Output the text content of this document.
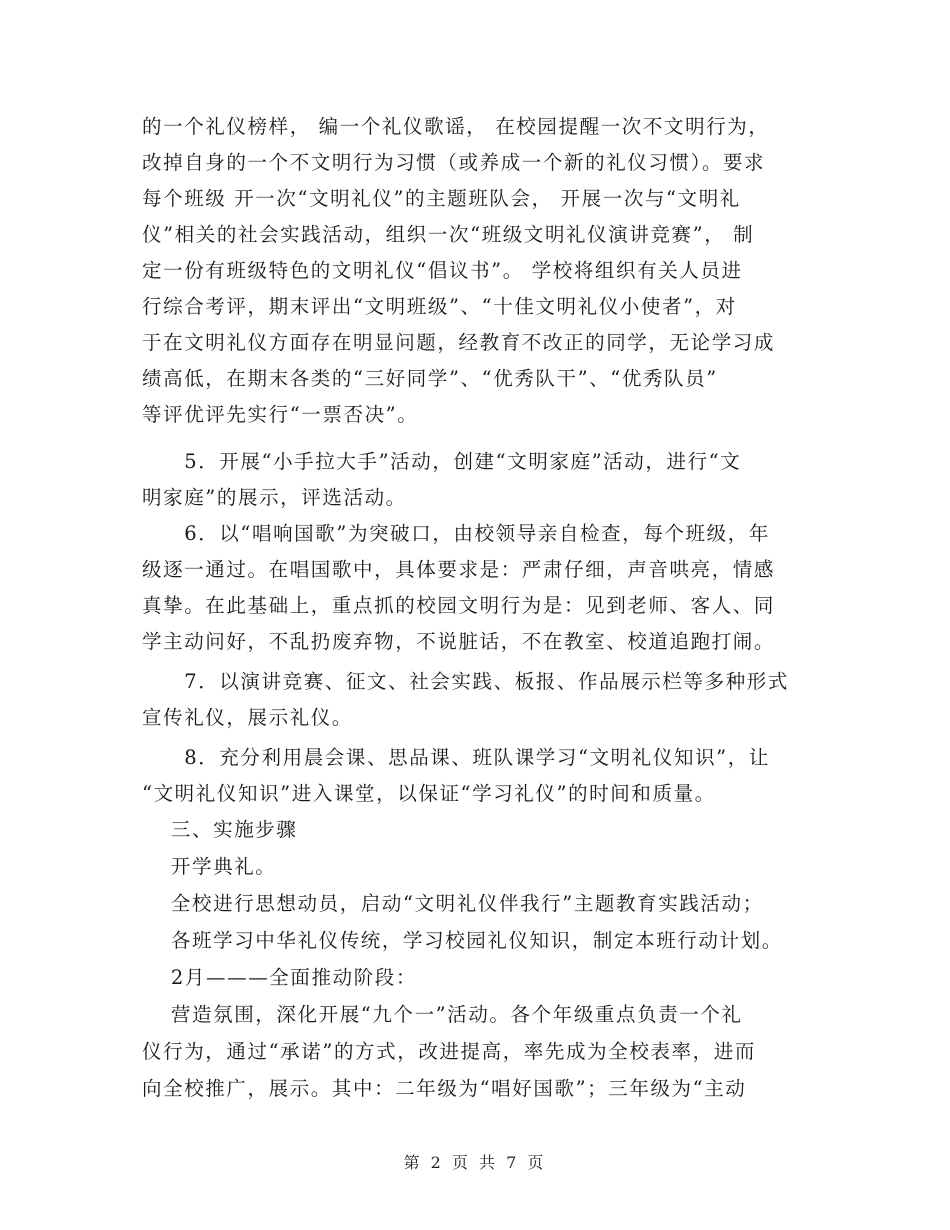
的一个礼仪榜样， 编一个礼仪歌谣， 在校园提醒一次不文明行为，
改掉自身的一个不文明行为习惯（或养成一个新的礼仪习惯）。要求
每个班级 开一次“文明礼仪”的主题班队会， 开展一次与“文明礼
仪”相关的社会实践活动，组织一次“班级文明礼仪演讲竞赛”， 制
定一份有班级特色的文明礼仪“倡议书”。 学校将组织有关人员进
行综合考评，期末评出“文明班级”、“十佳文明礼仪小使者”，对
于在文明礼仪方面存在明显问题，经教育不改正的同学，无论学习成
绩高低，在期末各类的“三好同学”、“优秀队干”、“优秀队员”
等评优评先实行“一票否决”。
　　5．开展“小手拉大手”活动，创建“文明家庭”活动，进行“文
明家庭”的展示，评选活动。
　　6．以“唱响国歌”为突破口，由校领导亲自检查，每个班级，年
级逐一通过。在唱国歌中，具体要求是：严肃仔细，声音哄亮，情感
真挚。在此基础上，重点抓的校园文明行为是：见到老师、客人、同
学主动问好，不乱扔废弃物，不说脏话，不在教室、校道追跑打闹。
　　7．以演讲竞赛、征文、社会实践、板报、作品展示栏等多种形式
宣传礼仪，展示礼仪。
　　8．充分利用晨会课、思品课、班队课学习“文明礼仪知识”，让
“文明礼仪知识”进入课堂，以保证“学习礼仪”的时间和质量。
　 三、实施步骤
　 开学典礼。
　 全校进行思想动员，启动“文明礼仪伴我行”主题教育实践活动；
　 各班学习中华礼仪传统，学习校园礼仪知识，制定本班行动计划。
　 2月———全面推动阶段：
　 营造氛围，深化开展“九个一”活动。各个年级重点负责一个礼
仪行为，通过“承诺”的方式，改进提高，率先成为全校表率，进而
向全校推广，展示。其中：二年级为“唱好国歌”；三年级为“主动
第 2 页 共 7 页
